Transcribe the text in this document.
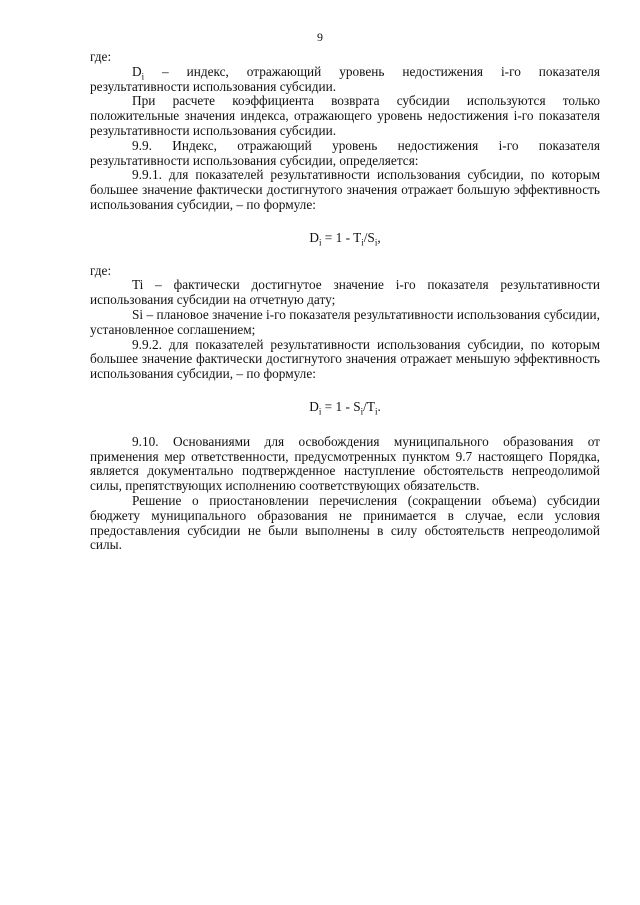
9

где:

$D_i$ – индекс, отражающий уровень недостижения i-го показателя результативности использования субсидии.

При расчете коэффициента возврата субсидии используются только положительные значения индекса, отражающего уровень недостижения i-го показателя результативности использования субсидии.

9.9. Индекс, отражающий уровень недостижения i-го показателя результативности использования субсидии, определяется:

9.9.1. для показателей результативности использования субсидии, по которым большее значение фактически достигнутого значения отражает большую эффективность использования субсидии, – по формуле:

$D_i = 1 - T_i/S_i$,

где:

Ti – фактически достигнутое значение i-го показателя результативности использования субсидии на отчетную дату;

Si – плановое значение i-го показателя результативности использования субсидии, установленное соглашением;

9.9.2. для показателей результативности использования субсидии, по которым большее значение фактически достигнутого значения отражает меньшую эффективность использования субсидии, – по формуле:

$D_i = 1 - S_i/T_i$.

9.10. Основаниями для освобождения муниципального образования от применения мер ответственности, предусмотренных пунктом 9.7 настоящего Порядка, является документально подтвержденное наступление обстоятельств непреодолимой силы, препятствующих исполнению соответствующих обязательств.

Решение о приостановлении перечисления (сокращении объема) субсидии бюджету муниципального образования не принимается в случае, если условия предоставления субсидии не были выполнены в силу обстоятельств непреодолимой силы.
